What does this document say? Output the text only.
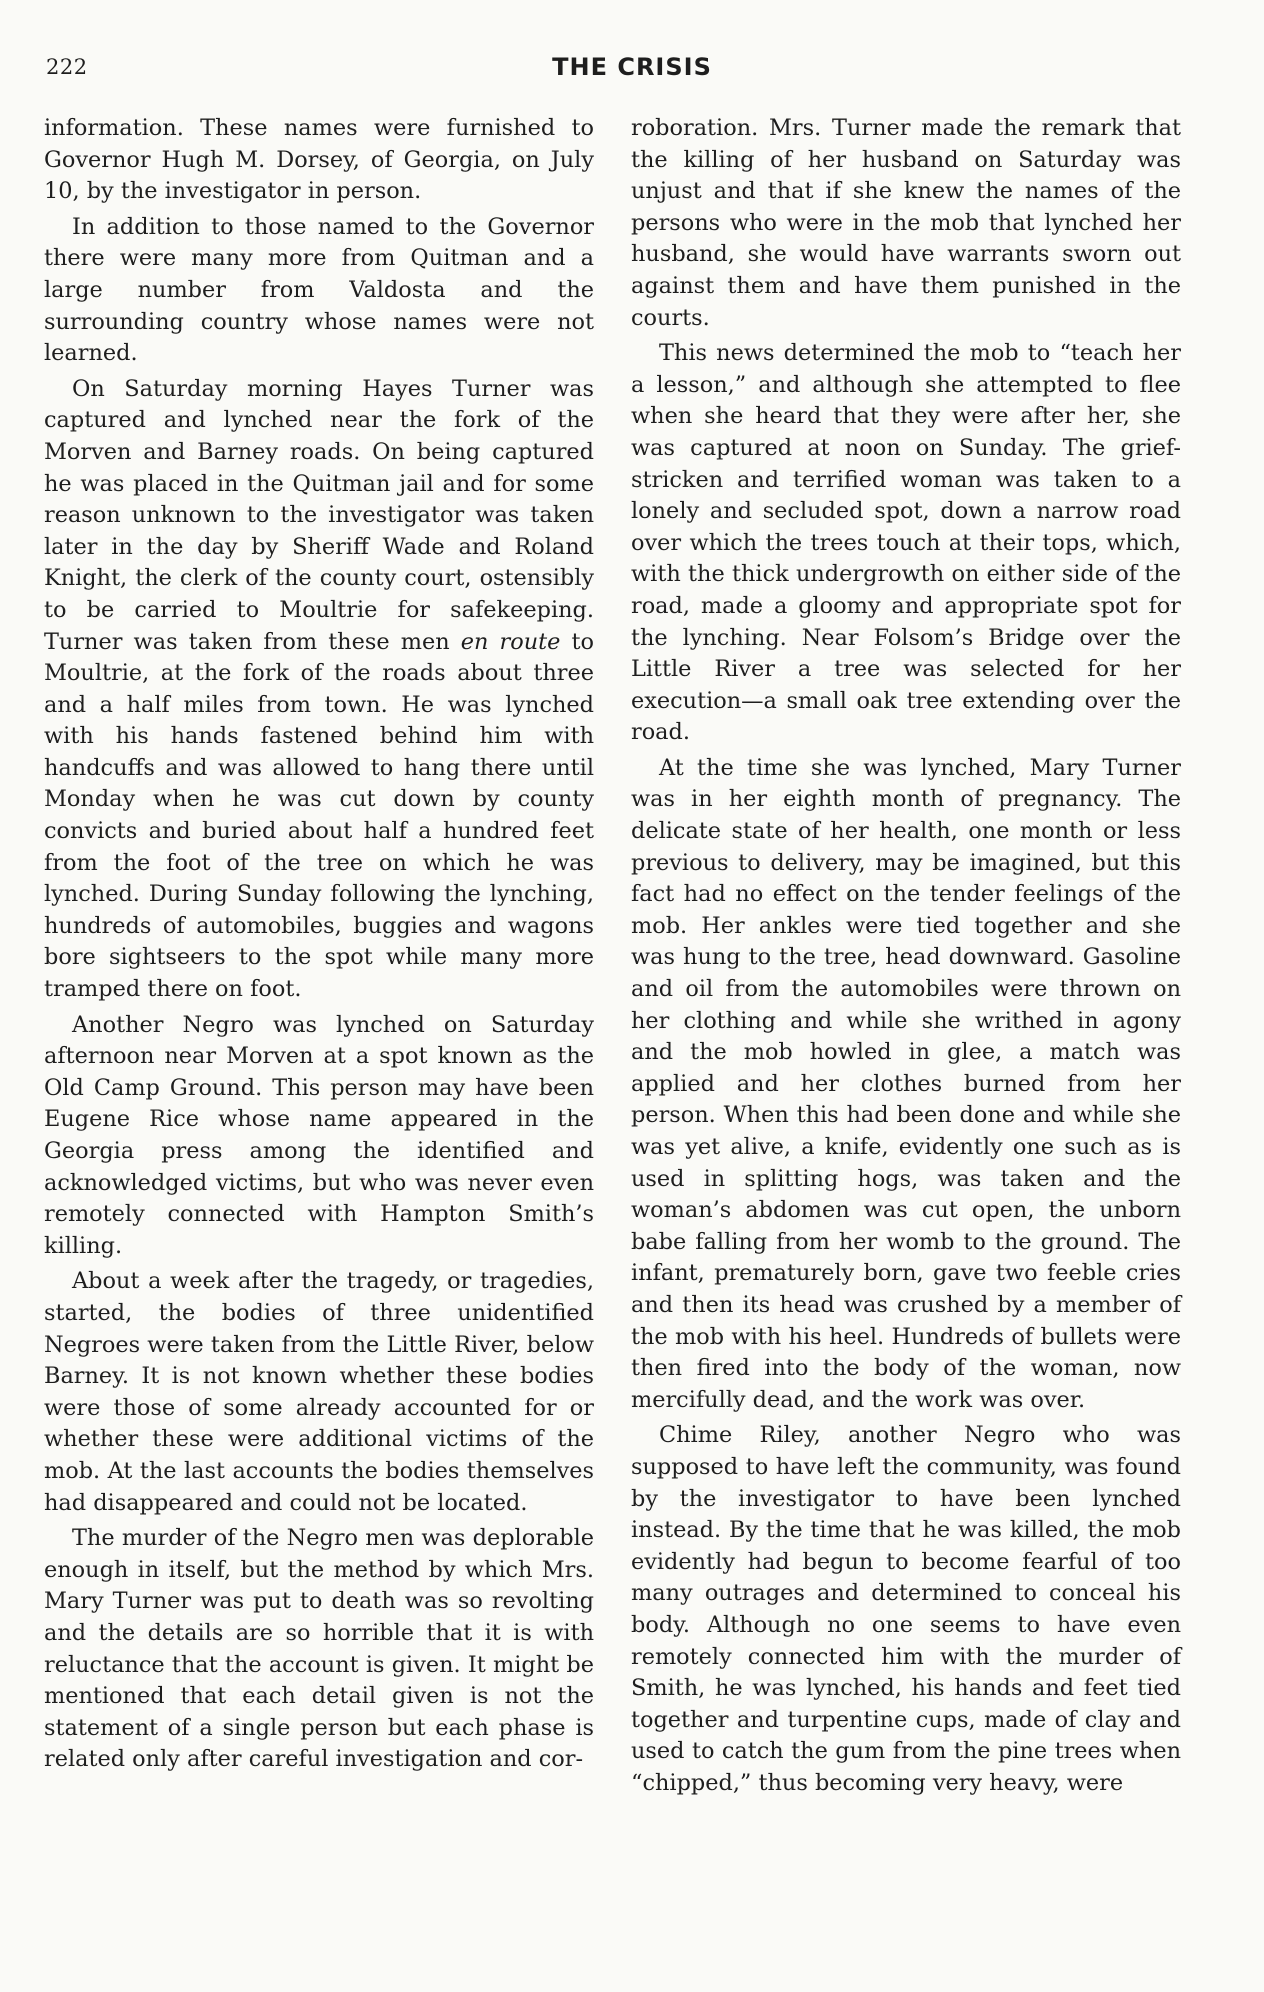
222	THE CRISIS

information. These names were furnished to Governor Hugh M. Dorsey, of Georgia, on July 10, by the investigator in person.

In addition to those named to the Governor there were many more from Quitman and a large number from Valdosta and the surrounding country whose names were not learned.

On Saturday morning Hayes Turner was captured and lynched near the fork of the Morven and Barney roads. On being captured he was placed in the Quitman jail and for some reason unknown to the investigator was taken later in the day by Sheriff Wade and Roland Knight, the clerk of the county court, ostensibly to be carried to Moultrie for safekeeping. Turner was taken from these men en route to Moultrie, at the fork of the roads about three and a half miles from town. He was lynched with his hands fastened behind him with handcuffs and was allowed to hang there until Monday when he was cut down by county convicts and buried about half a hundred feet from the foot of the tree on which he was lynched. During Sunday following the lynching, hundreds of automobiles, buggies and wagons bore sightseers to the spot while many more tramped there on foot.

Another Negro was lynched on Saturday afternoon near Morven at a spot known as the Old Camp Ground. This person may have been Eugene Rice whose name appeared in the Georgia press among the identified and acknowledged victims, but who was never even remotely connected with Hampton Smith’s killing.

About a week after the tragedy, or tragedies, started, the bodies of three unidentified Negroes were taken from the Little River, below Barney. It is not known whether these bodies were those of some already accounted for or whether these were additional victims of the mob. At the last accounts the bodies themselves had disappeared and could not be located.

The murder of the Negro men was deplorable enough in itself, but the method by which Mrs. Mary Turner was put to death was so revolting and the details are so horrible that it is with reluctance that the account is given. It might be mentioned that each detail given is not the statement of a single person but each phase is related only after careful investigation and cor-

roboration. Mrs. Turner made the remark that the killing of her husband on Saturday was unjust and that if she knew the names of the persons who were in the mob that lynched her husband, she would have warrants sworn out against them and have them punished in the courts.

This news determined the mob to “teach her a lesson,” and although she attempted to flee when she heard that they were after her, she was captured at noon on Sunday. The grief-stricken and terrified woman was taken to a lonely and secluded spot, down a narrow road over which the trees touch at their tops, which, with the thick undergrowth on either side of the road, made a gloomy and appropriate spot for the lynching. Near Folsom’s Bridge over the Little River a tree was selected for her execution—a small oak tree extending over the road.

At the time she was lynched, Mary Turner was in her eighth month of pregnancy. The delicate state of her health, one month or less previous to delivery, may be imagined, but this fact had no effect on the tender feelings of the mob. Her ankles were tied together and she was hung to the tree, head downward. Gasoline and oil from the automobiles were thrown on her clothing and while she writhed in agony and the mob howled in glee, a match was applied and her clothes burned from her person. When this had been done and while she was yet alive, a knife, evidently one such as is used in splitting hogs, was taken and the woman’s abdomen was cut open, the unborn babe falling from her womb to the ground. The infant, prematurely born, gave two feeble cries and then its head was crushed by a member of the mob with his heel. Hundreds of bullets were then fired into the body of the woman, now mercifully dead, and the work was over.

Chime Riley, another Negro who was supposed to have left the community, was found by the investigator to have been lynched instead. By the time that he was killed, the mob evidently had begun to become fearful of too many outrages and determined to conceal his body. Although no one seems to have even remotely connected him with the murder of Smith, he was lynched, his hands and feet tied together and turpentine cups, made of clay and used to catch the gum from the pine trees when “chipped,” thus becoming very heavy, were
